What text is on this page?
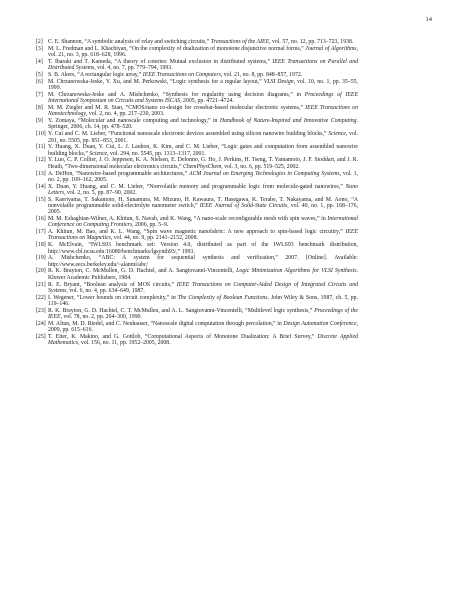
14
[2] C. E. Shannon, “A symbolic analysis of relay and switching circuits,” Transactions of the AIEE, vol. 57, no. 12, pp. 713–723, 1938.
[3] M. L. Fredman and L. Khachiyan, “On the complexity of dualization of monotone disjunctive normal forms,” Journal of Algorithms, vol. 21, no. 3, pp. 618–628, 1996.
[4] T. Ibaraki and T. Kameda, “A theory of coteries: Mutual exclusion in distributed systems,” IEEE Transactions on Parallel and Distributed Systems, vol. 4, no. 7, pp. 779–794, 1993.
[5] S. B. Akers, “A rectangular logic array,” IEEE Transactions on Computers, vol. 21, no. 8, pp. 848–857, 1972.
[6] M. Chrzanowska-Jeske, Y. Xu, and M. Perkowski, “Logic synthesis for a regular layout,” VLSI Design, vol. 10, no. 1, pp. 35–55, 1999.
[7] M. Chrzanowska-Jeske and A. Mishchenko, “Synthesis for regularity using decision diagrams,” in Proceedings of IEEE International Symposium on Circuits and Systems ISCAS, 2005, pp. 4721–4724.
[8] M. M. Ziegler and M. R. Stan, “CMOS/nano co-design for crossbar-based molecular electronic systems,” IEEE Transactions on Nanotechnology, vol. 2, no. 4, pp. 217–230, 2003.
[9] Y. Zomaya, “Molecular and nanoscale computing and technology,” in Handbook of Nature-Inspired and Innovative Computing. Springer, 2006, ch. 14, pp. 478–520.
[10] Y. Cui and C. M. Lieber, “Functional nanoscale electronic devices assembled using silicon nanowire building blocks,” Science, vol. 291, no. 5505, pp. 851–853, 2001.
[11] Y. Huang, X. Duan, Y. Cui, L. J. Lauhon, K. Kim, and C. M. Lieber, “Logic gates and computation from assembled nanowire building blocks,” Science, vol. 294, no. 5545, pp. 1313–1317, 2001.
[12] Y. Luo, C. P. Collier, J. O. Jeppesen, K. A. Nielsen, E. Delonno, G. Ho, J. Perkins, H. Tseng, T. Yamamoto, J. F. Stoddart, and J. R. Heath, “Two-dimensional molecular electronics circuits,” ChemPhysChem, vol. 3, no. 6, pp. 519–525, 2002.
[13] A. DeHon, “Nanowire-based programmable architectures,” ACM Journal on Emerging Technologies in Computing Systems, vol. 1, no. 2, pp. 109–162, 2005.
[14] X. Duan, Y. Huang, and C. M. Lieber, “Nonvolatile memory and programmable logic from molecule-gated nanowires,” Nano Letters, vol. 2, no. 5, pp. 87–90, 2002.
[15] S. Kaeriyama, T. Sakamoto, H. Sunamura, M. Mizuno, H. Kawaura, T. Hasegawa, K. Terabe, T. Nakayama, and M. Aono, “A nonvolatile programmable solid-electrolyte nanometer switch,” IEEE Journal of Solid-State Circuits, vol. 40, no. 1, pp. 168–176, 2005.
[16] M. M. Eshaghian-Wilner, A. Khitun, S. Navab, and K. Wang, “A nano-scale reconfigurable mesh with spin waves,” in International Conference on Computing Frontiers, 2006, pp. 5–9.
[17] A. Khitun, M. Bao, and K. L. Wang, “Spin wave magnetic nanofabric: A new approach to spin-based logic circuitry,” IEEE Transactions on Magnetics, vol. 44, no. 9, pp. 2141–2152, 2008.
[18] K. McElvain, “IWLS93 benchmark set: Version 4.0, distributed as part of the IWLS93 benchmark distribution, http://www.cbl.ncsu.edu:16080/benchmarks/lgsynth93/,” 1993.
[19] A. Mishchenko, “ABC: A system for sequential synthesis and verification,” 2007. [Online]. Available: http://www.eecs.berkeley.edu/~alanmi/abc/
[20] R. K. Brayton, C. McMullen, G. D. Hachtel, and A. Sangiovanni-Vincentelli, Logic Minimization Algorithms for VLSI Synthesis. Kluwer Academic Publishers, 1984.
[21] R. E. Bryant, “Boolean analysis of MOS circuits,” IEEE Transactions on Computer-Aided Design of Integrated Circuits and Systems, vol. 6, no. 4, pp. 634–649, 1987.
[22] I. Wegener, “Lower bounds on circuit complexity,” in The Complexity of Boolean Functions. John Wiley & Sons, 1987, ch. 5, pp. 119–146.
[23] R. K. Brayton, G. D. Hachtel, C. T. McMullen, and A. L. Sangiovanni-Vincentelli, “Multilevel logic synthesis,” Proceedings of the IEEE, vol. 78, no. 2, pp. 264–300, 1990.
[24] M. Altun, M. D. Riedel, and C. Neuhauser, “Nanoscale digital computation through percolation,” in Design Automation Conference, 2009, pp. 615–616.
[25] T. Eiter, K. Makino, and G. Gottlob, “Computational Aspects of Monotone Dualization: A Brief Survey,” Discrete Applied Mathematics, vol. 156, no. 11, pp. 1952–2005, 2008.
